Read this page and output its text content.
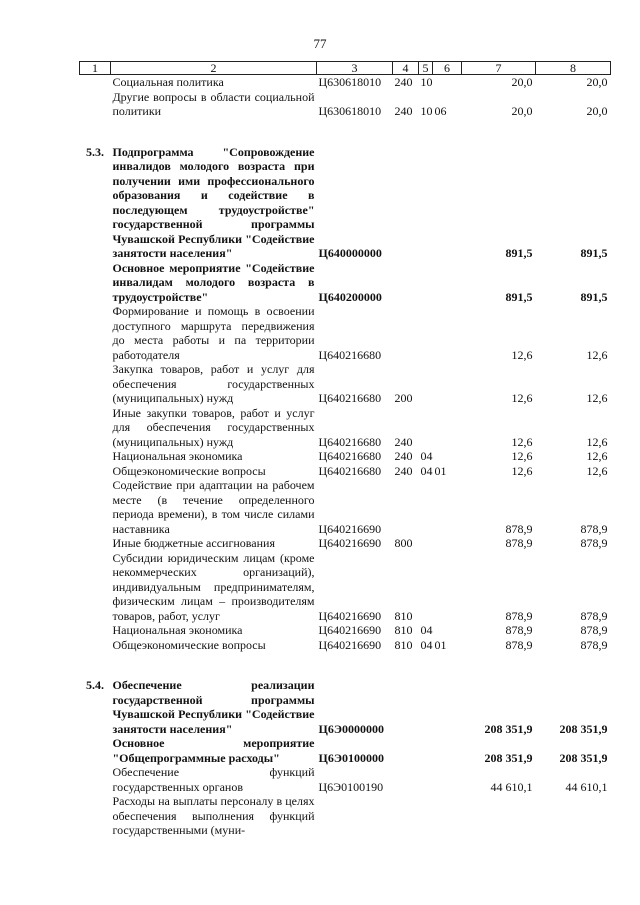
77
1	2	3	4	5	6	7	8
	Социальная политика	Ц630618010	240	10		20,0	20,0
	Другие вопросы в области социальной политики	Ц630618010	240	10	06	20,0	20,0
5.3.	Подпрограмма "Сопровождение инвалидов молодого возраста при получении ими профессионального образования и содействие в последующем трудоустройстве" государственной программы Чувашской Республики "Содействие занятости населения"	Ц640000000				891,5	891,5
	Основное мероприятие "Содействие инвалидам молодого возраста в трудоустройстве"	Ц640200000				891,5	891,5
	Формирование и помощь в освоении доступного маршрута передвижения до места работы и па территории работодателя	Ц640216680				12,6	12,6
	Закупка товаров, работ и услуг для обеспечения государственных (муниципальных) нужд	Ц640216680	200			12,6	12,6
	Иные закупки товаров, работ и услуг для обеспечения государственных (муниципальных) нужд	Ц640216680	240			12,6	12,6
	Национальная экономика	Ц640216680	240	04		12,6	12,6
	Общеэкономические вопросы	Ц640216680	240	04	01	12,6	12,6
	Содействие при адаптации на рабочем месте (в течение определенного периода времени), в том числе силами наставника	Ц640216690				878,9	878,9
	Иные бюджетные ассигнования	Ц640216690	800			878,9	878,9
	Субсидии юридическим лицам (кроме некоммерческих организаций), индивидуальным предпринимателям, физическим лицам – производителям товаров, работ, услуг	Ц640216690	810			878,9	878,9
	Национальная экономика	Ц640216690	810	04		878,9	878,9
	Общеэкономические вопросы	Ц640216690	810	04	01	878,9	878,9
5.4.	Обеспечение реализации государственной программы Чувашской Республики "Содействие занятости населения"	Ц6Э0000000				208 351,9	208 351,9
	Основное мероприятие "Общепрограммные расходы"	Ц6Э0100000				208 351,9	208 351,9
	Обеспечение функций государственных органов	Ц6Э0100190				44 610,1	44 610,1
	Расходы на выплаты персоналу в целях обеспечения выполнения функций государственными (муни-						
